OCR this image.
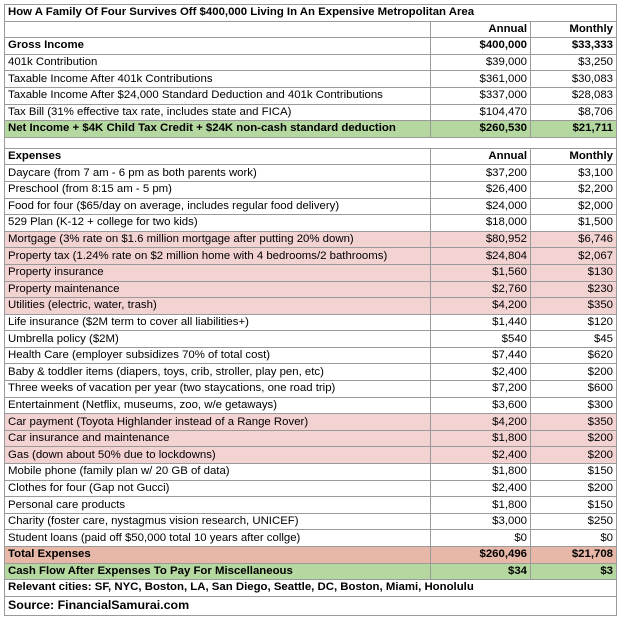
How A Family Of Four Survives Off $400,000 Living In An Expensive Metropolitan Area		
	Annual	Monthly
Gross Income	$400,000	$33,333
401k Contribution	$39,000	$3,250
Taxable Income After 401k Contributions	$361,000	$30,083
Taxable Income After $24,000 Standard Deduction and 401k Contributions	$337,000	$28,083
Tax Bill (31% effective tax rate, includes state and FICA)	$104,470	$8,706
Net Income + $4K Child Tax Credit + $24K non-cash standard deduction	$260,530	$21,711

Expenses	Annual	Monthly
Daycare (from 7 am - 6 pm as both parents work)	$37,200	$3,100
Preschool (from 8:15 am - 5 pm)	$26,400	$2,200
Food for four ($65/day on average, includes regular food delivery)	$24,000	$2,000
529 Plan (K-12 + college for two kids)	$18,000	$1,500
Mortgage (3% rate on $1.6 million mortgage after putting 20% down)	$80,952	$6,746
Property tax (1.24% rate on $2 million home with 4 bedrooms/2 bathrooms)	$24,804	$2,067
Property insurance	$1,560	$130
Property maintenance	$2,760	$230
Utilities (electric, water, trash)	$4,200	$350
Life insurance ($2M term to cover all liabilities+)	$1,440	$120
Umbrella policy ($2M)	$540	$45
Health Care (employer subsidizes 70% of total cost)	$7,440	$620
Baby & toddler items (diapers, toys, crib, stroller, play pen, etc)	$2,400	$200
Three weeks of vacation per year (two staycations, one road trip)	$7,200	$600
Entertainment (Netflix, museums, zoo, w/e getaways)	$3,600	$300
Car payment (Toyota Highlander instead of a Range Rover)	$4,200	$350
Car insurance and maintenance	$1,800	$200
Gas (down about 50% due to lockdowns)	$2,400	$200
Mobile phone (family plan w/ 20 GB of data)	$1,800	$150
Clothes for four (Gap not Gucci)	$2,400	$200
Personal care products	$1,800	$150
Charity (foster care, nystagmus vision research, UNICEF)	$3,000	$250
Student loans (paid off $50,000 total 10 years after collge)	$0	$0
Total Expenses	$260,496	$21,708
Cash Flow After Expenses To Pay For Miscellaneous	$34	$3
Relevant cities: SF, NYC, Boston, LA, San Diego, Seattle, DC, Boston, Miami, Honolulu		
Source: FinancialSamurai.com		
